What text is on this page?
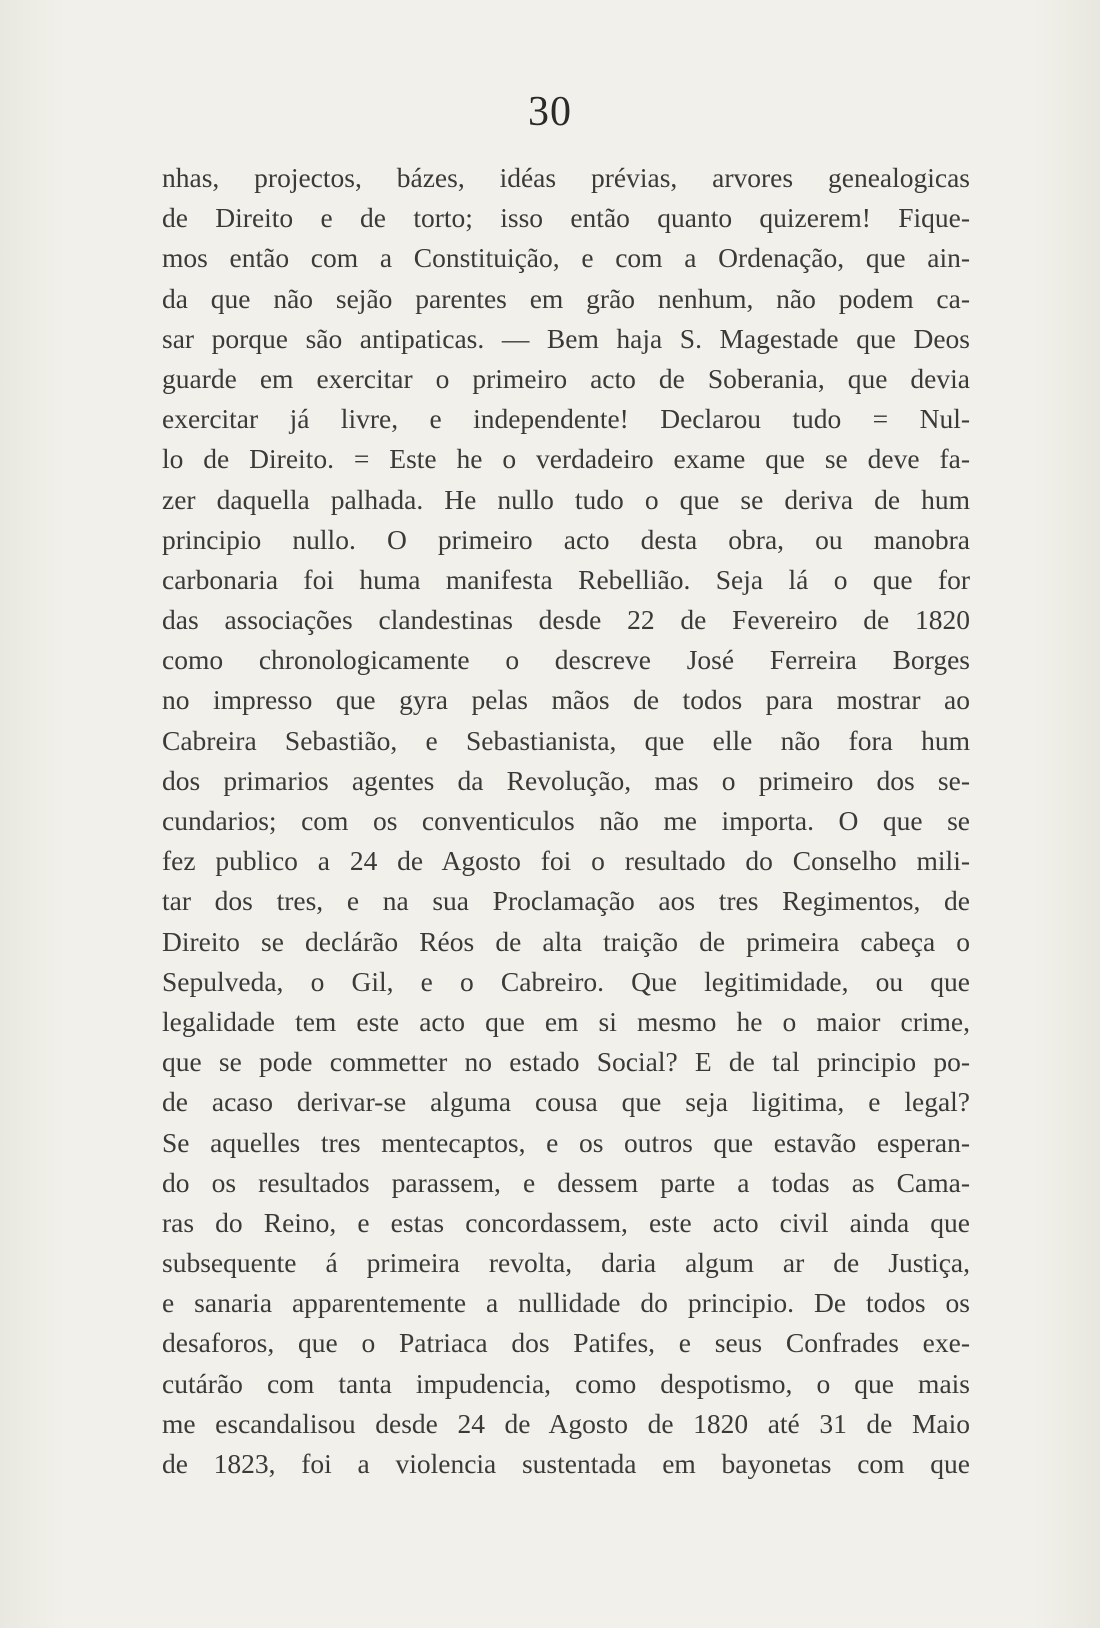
30
nhas, projectos, bázes, idéas prévias, arvores genealogicas
de Direito e de torto; isso então quanto quizerem! Fique-
mos então com a Constituição, e com a Ordenação, que ain-
da que não sejão parentes em grão nenhum, não podem ca-
sar porque são antipaticas. — Bem haja S. Magestade que Deos
guarde em exercitar o primeiro acto de Soberania, que devia
exercitar já livre, e independente! Declarou tudo = Nul-
lo de Direito. = Este he o verdadeiro exame que se deve fa-
zer daquella palhada. He nullo tudo o que se deriva de hum
principio nullo. O primeiro acto desta obra, ou manobra
carbonaria foi huma manifesta Rebellião. Seja lá o que for
das associações clandestinas desde 22 de Fevereiro de 1820
como chronologicamente o descreve José Ferreira Borges
no impresso que gyra pelas mãos de todos para mostrar ao
Cabreira Sebastião, e Sebastianista, que elle não fora hum
dos primarios agentes da Revolução, mas o primeiro dos se-
cundarios; com os conventiculos não me importa. O que se
fez publico a 24 de Agosto foi o resultado do Conselho mili-
tar dos tres, e na sua Proclamação aos tres Regimentos, de
Direito se declárão Réos de alta traição de primeira cabeça o
Sepulveda, o Gil, e o Cabreiro. Que legitimidade, ou que
legalidade tem este acto que em si mesmo he o maior crime,
que se pode commetter no estado Social? E de tal principio po-
de acaso derivar-se alguma cousa que seja ligitima, e legal?
Se aquelles tres mentecaptos, e os outros que estavão esperan-
do os resultados parassem, e dessem parte a todas as Cama-
ras do Reino, e estas concordassem, este acto civil ainda que
subsequente á primeira revolta, daria algum ar de Justiça,
e sanaria apparentemente a nullidade do principio. De todos os
desaforos, que o Patriaca dos Patifes, e seus Confrades exe-
cutárão com tanta impudencia, como despotismo, o que mais
me escandalisou desde 24 de Agosto de 1820 até 31 de Maio
de 1823, foi a violencia sustentada em bayonetas com que
